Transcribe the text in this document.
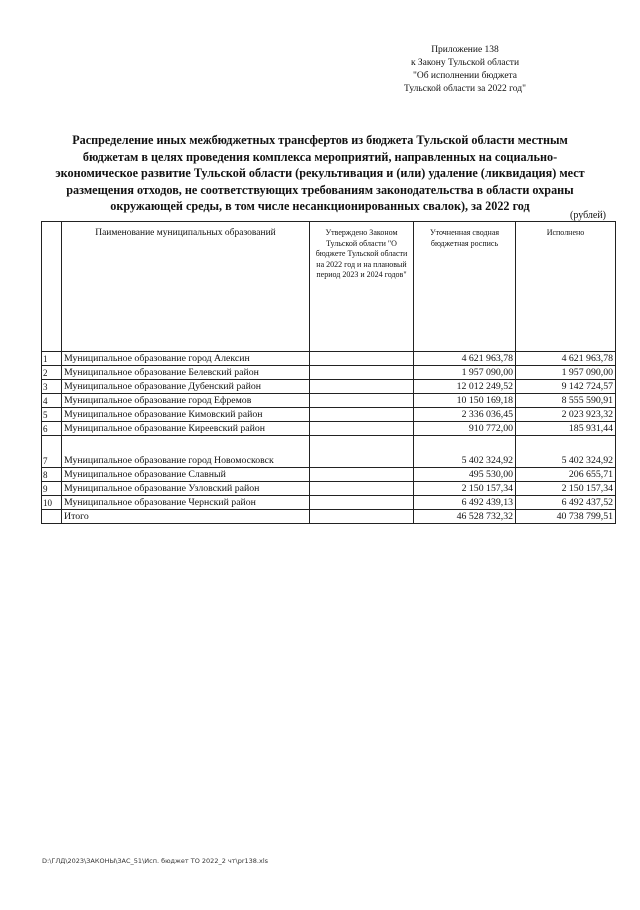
Приложение 138
к Закону Тульской области
"Об исполнении бюджета
Тульской области за 2022 год"
Распределение иных межбюджетных трансфертов из бюджета Тульской области местным бюджетам в целях проведения комплекса мероприятий, направленных на социально-экономическое развитие Тульской области (рекультивация и (или) удаление (ликвидация) мест размещения отходов, не соответствующих требованиям законодательства в области охраны окружающей среды, в том числе несанкционированных свалок), за 2022 год
(рублей)
	Паименование муниципальных образований	Утверждено Законом Тульской области "О бюджете Тульской области на 2022 год и на плановый период 2023 и 2024 годов"	Уточненная сводная бюджетная роспись	Исполнено
1	Муниципальное образование город Алексин		4 621 963,78	4 621 963,78
2	Муниципальное образование Белевский район		1 957 090,00	1 957 090,00
3	Муниципальное образование Дубенский район		12 012 249,52	9 142 724,57
4	Муниципальное образование город Ефремов		10 150 169,18	8 555 590,91
5	Муниципальное образование Кимовский район		2 336 036,45	2 023 923,32
6	Муниципальное образование Киреевский район		910 772,00	185 931,44
7	Муниципальное образование город Новомосковск		5 402 324,92	5 402 324,92
8	Муниципальное образование Славный		495 530,00	206 655,71
9	Муниципальное образование Узловский район		2 150 157,34	2 150 157,34
10	Муниципальное образование Чернский район		6 492 439,13	6 492 437,52
	Итого		46 528 732,32	40 738 799,51
D:\ГЛД\2023\ЗАКОНЫ\ЗАС_51\Исп. бюджет ТО 2022_2 чт\pr138.xls
